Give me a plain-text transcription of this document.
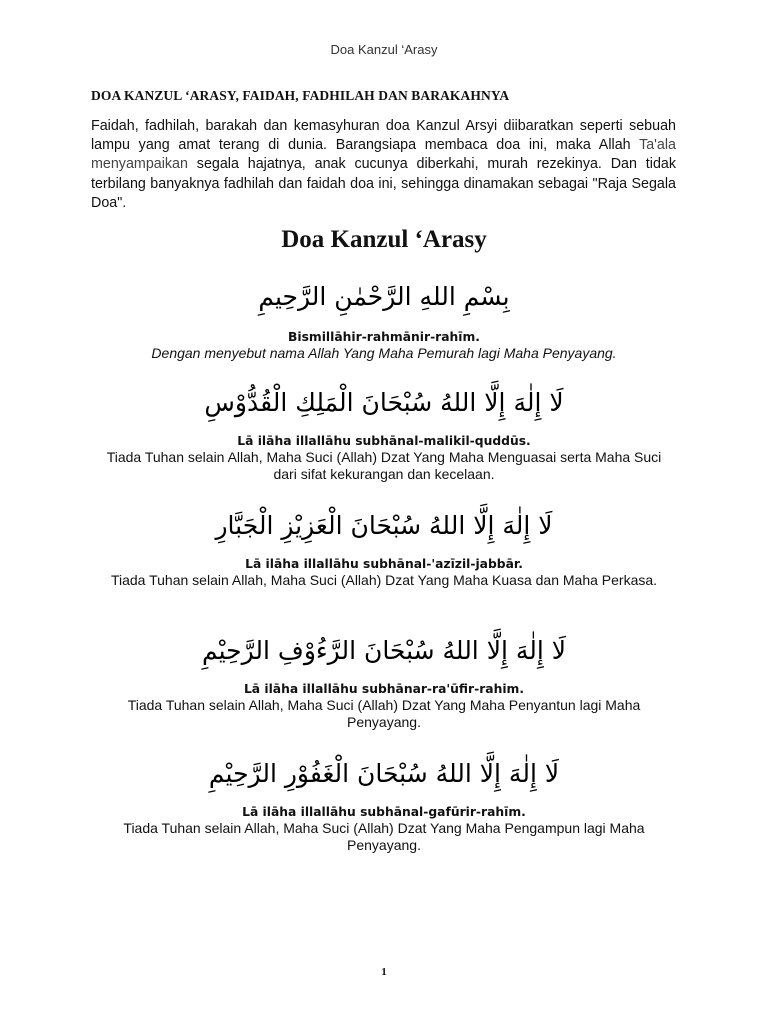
Doa Kanzul ‘Arasy
DOA KANZUL ‘ARASY, FAIDAH, FADHILAH DAN BARAKAHNYA

Faidah, fadhilah, barakah dan kemasyhuran doa Kanzul Arsyi diibaratkan seperti sebuah lampu yang amat terang di dunia. Barangsiapa membaca doa ini, maka Allah Ta'ala menyampaikan segala hajatnya, anak cucunya diberkahi, murah rezekinya. Dan tidak terbilang banyaknya fadhilah dan faidah doa ini, sehingga dinamakan sebagai "Raja Segala Doa".

Doa Kanzul ‘Arasy
بِسْمِ اللهِ الرَّحْمٰنِ الرَّحِيمِ
Bismillāhir-rahmānir-rahīm.
Dengan menyebut nama Allah Yang Maha Pemurah lagi Maha Penyayang.
لَا إِلٰهَ إِلَّا اللهُ سُبْحَانَ الْمَلِكِ الْقُدُّوْسِ
Lā ilāha illallāhu subhānal-malikil-quddūs.
Tiada Tuhan selain Allah, Maha Suci (Allah) Dzat Yang Maha Menguasai serta Maha Suci dari sifat kekurangan dan kecelaan.
لَا إِلٰهَ إِلَّا اللهُ سُبْحَانَ الْعَزِيْزِ الْجَبَّارِ
Lā ilāha illallāhu subhānal-'azīzil-jabbār.
Tiada Tuhan selain Allah, Maha Suci (Allah) Dzat Yang Maha Kuasa dan Maha Perkasa.
لَا إِلٰهَ إِلَّا اللهُ سُبْحَانَ الرَّءُوْفِ الرَّحِيْمِ
Lā ilāha illallāhu subhānar-ra'ūfir-rahim.
Tiada Tuhan selain Allah, Maha Suci (Allah) Dzat Yang Maha Penyantun lagi Maha Penyayang.
لَا إِلٰهَ إِلَّا اللهُ سُبْحَانَ الْغَفُوْرِ الرَّحِيْمِ
Lā ilāha illallāhu subhānal-gafūrir-rahīm.
Tiada Tuhan selain Allah, Maha Suci (Allah) Dzat Yang Maha Pengampun lagi Maha Penyayang.
1
